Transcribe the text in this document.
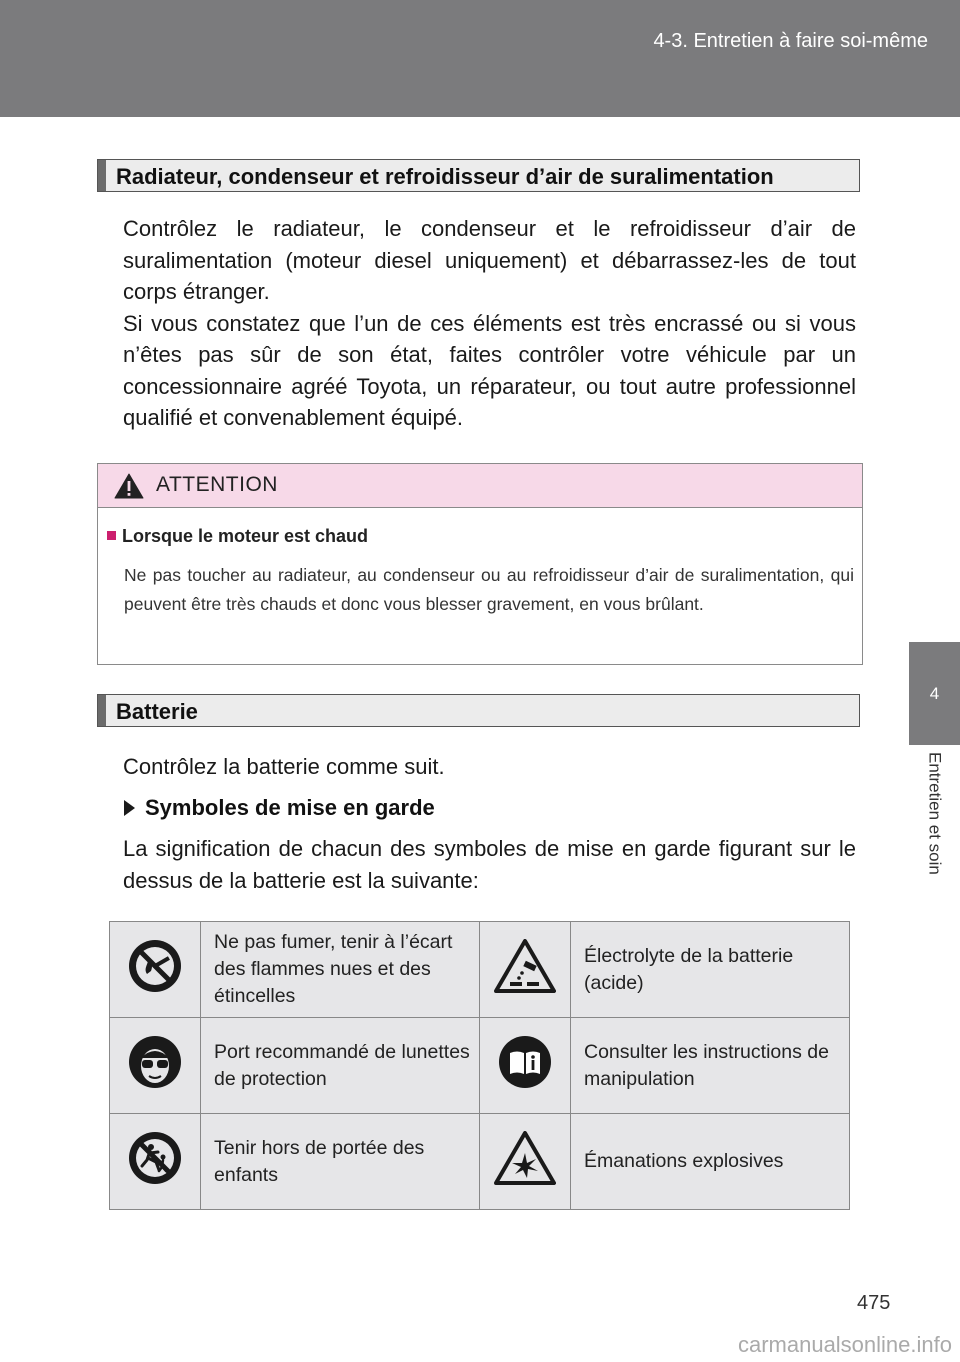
4-3. Entretien à faire soi-même
4
Entretien et soin
Radiateur, condenseur et refroidisseur d’air de suralimentation

Contrôlez le radiateur, le condenseur et le refroidisseur d’air de suralimentation (moteur diesel uniquement) et débarrassez-les de tout corps étranger.

Si vous constatez que l’un de ces éléments est très encrassé ou si vous n’êtes pas sûr de son état, faites contrôler votre véhicule par un concessionnaire agréé Toyota, un réparateur, ou tout autre professionnel qualifié et convenablement équipé.

ATTENTION
Lorsque le moteur est chaud
Ne pas toucher au radiateur, au condenseur ou au refroidisseur d’air de suralimentation, qui peuvent être très chauds et donc vous blesser gravement, en vous brûlant.
Batterie
Contrôlez la batterie comme suit.
Symboles de mise en garde
La signification de chacun des symboles de mise en garde figurant sur le dessus de la batterie est la suivante:
	Ne pas fumer, tenir à l’écart des flammes nues et des étincelles		Électrolyte de la batterie (acide)
	Port recommandé de lunettes de protection		Consulter les instructions de manipulation
	Tenir hors de portée des enfants		Émanations explosives
475
carmanualsonline.info
